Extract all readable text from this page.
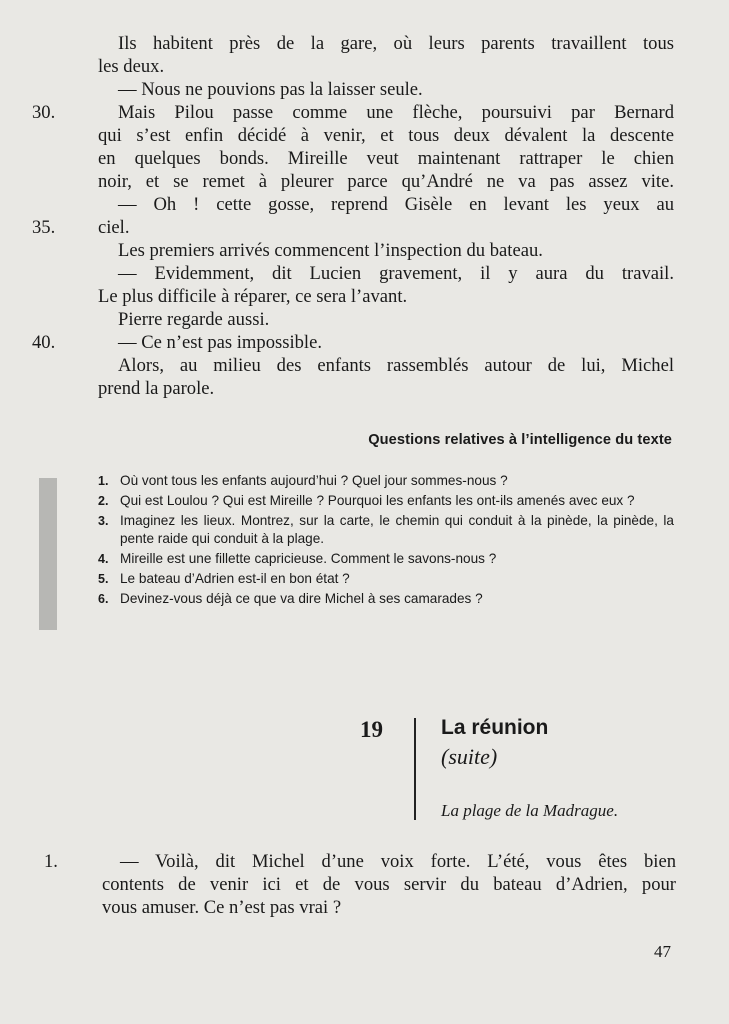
Ils habitent près de la gare, où leurs parents travaillent tous
les deux.
— Nous ne pouvions pas la laisser seule.
30.	Mais Pilou passe comme une flèche, poursuivi par Bernard
qui s’est enfin décidé à venir, et tous deux dévalent la descente
en quelques bonds. Mireille veut maintenant rattraper le chien
noir, et se remet à pleurer parce qu’André ne va pas assez vite.
— Oh ! cette gosse, reprend Gisèle en levant les yeux au
35. ciel.
Les premiers arrivés commencent l’inspection du bateau.
— Evidemment, dit Lucien gravement, il y aura du travail.
Le plus difficile à réparer, ce sera l’avant.
Pierre regarde aussi.
40.	— Ce n’est pas impossible.
Alors, au milieu des enfants rassemblés autour de lui, Michel
prend la parole.
Questions relatives à l’intelligence du texte
1. Où vont tous les enfants aujourd’hui ? Quel jour sommes-nous ?
2. Qui est Loulou ? Qui est Mireille ? Pourquoi les enfants les ont-ils amenés avec eux ?
3. Imaginez les lieux. Montrez, sur la carte, le chemin qui conduit à la pinède, la pinède, la pente raide qui conduit à la plage.
4. Mireille est une fillette capricieuse. Comment le savons-nous ?
5. Le bateau d’Adrien est-il en bon état ?
6. Devinez-vous déjà ce que va dire Michel à ses camarades ?
19	La réunion
(suite)
La plage de la Madrague.
1.	— Voilà, dit Michel d’une voix forte. L’été, vous êtes bien
contents de venir ici et de vous servir du bateau d’Adrien, pour
vous amuser. Ce n’est pas vrai ?
47
